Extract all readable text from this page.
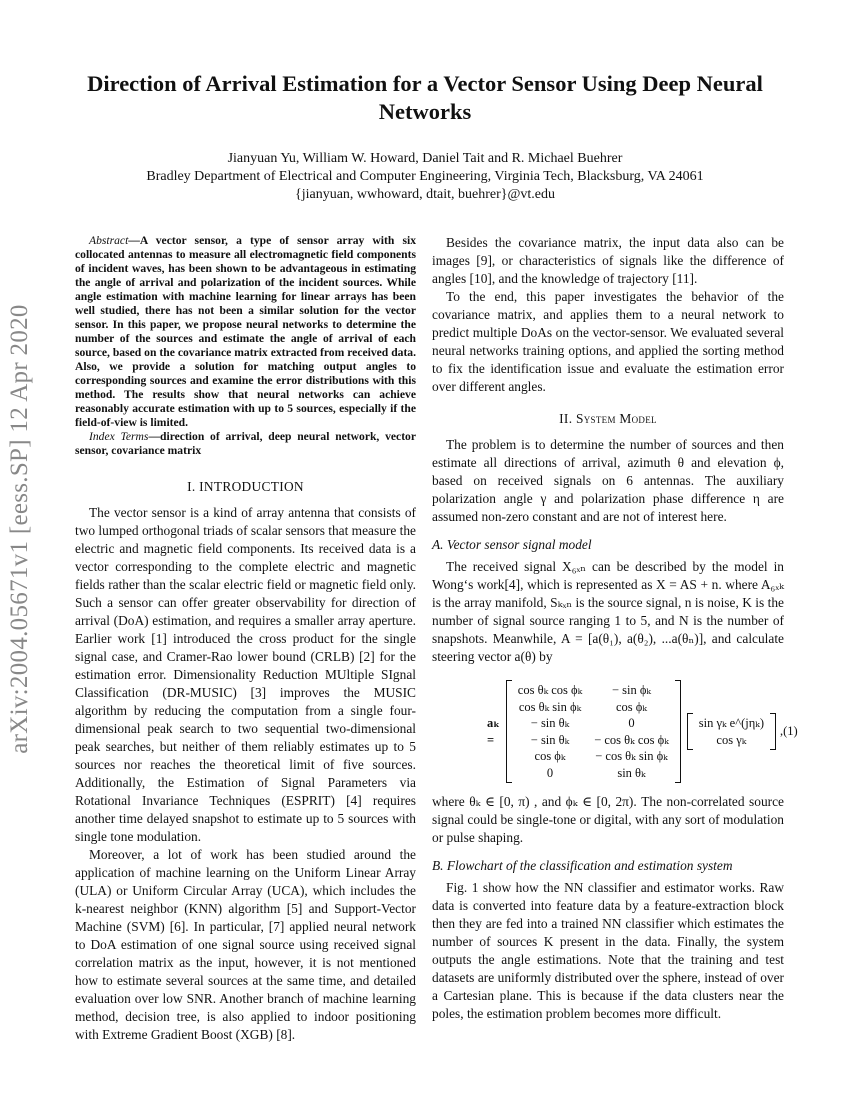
arXiv:2004.05671v1 [eess.SP] 12 Apr 2020
Direction of Arrival Estimation for a Vector Sensor Using Deep Neural Networks
Jianyuan Yu, William W. Howard, Daniel Tait and R. Michael Buehrer
Bradley Department of Electrical and Computer Engineering, Virginia Tech, Blacksburg, VA 24061
{jianyuan, wwhoward, dtait, buehrer}@vt.edu

Abstract—A vector sensor, a type of sensor array with six collocated antennas to measure all electromagnetic field components of incident waves, has been shown to be advantageous in estimating the angle of arrival and polarization of the incident sources. While angle estimation with machine learning for linear arrays has been well studied, there has not been a similar solution for the vector sensor. In this paper, we propose neural networks to determine the number of the sources and estimate the angle of arrival of each source, based on the covariance matrix extracted from received data. Also, we provide a solution for matching output angles to corresponding sources and examine the error distributions with this method. The results show that neural networks can achieve reasonably accurate estimation with up to 5 sources, especially if the field-of-view is limited.

Index Terms—direction of arrival, deep neural network, vector sensor, covariance matrix

I. INTRODUCTION

The vector sensor is a kind of array antenna that consists of two lumped orthogonal triads of scalar sensors that measure the electric and magnetic field components. Its received data is a vector corresponding to the complete electric and magnetic fields rather than the scalar electric field or magnetic field only. Such a sensor can offer greater observability for direction of arrival (DoA) estimation, and requires a smaller array aperture. Earlier work [1] introduced the cross product for the single signal case, and Cramer-Rao lower bound (CRLB) [2] for the estimation error. Dimensionality Reduction MUltiple SIgnal Classification (DR-MUSIC) [3] improves the MUSIC algorithm by reducing the computation from a single four-dimensional peak search to two sequential two-dimensional peak searches, but neither of them reliably estimates up to 5 sources nor reaches the theoretical limit of five sources. Additionally, the Estimation of Signal Parameters via Rotational Invariance Techniques (ESPRIT) [4] requires another time delayed snapshot to estimate up to 5 sources with single tone modulation.

Moreover, a lot of work has been studied around the application of machine learning on the Uniform Linear Array (ULA) or Uniform Circular Array (UCA), which includes the k-nearest neighbor (KNN) algorithm [5] and Support-Vector Machine (SVM) [6]. In particular, [7] applied neural network to DoA estimation of one signal source using received signal correlation matrix as the input, however, it is not mentioned how to estimate several sources at the same time, and detailed evaluation over low SNR. Another branch of machine learning method, decision tree, is also applied to indoor positioning with Extreme Gradient Boost (XGB) [8].

Besides the covariance matrix, the input data also can be images [9], or characteristics of signals like the difference of angles [10], and the knowledge of trajectory [11].

To the end, this paper investigates the behavior of the covariance matrix, and applies them to a neural network to predict multiple DoAs on the vector-sensor. We evaluated several neural networks training options, and applied the sorting method to fix the identification issue and evaluate the estimation error over different angles.

II. System Model

The problem is to determine the number of sources and then estimate all directions of arrival, azimuth θ and elevation ϕ, based on received signals on 6 antennas. The auxiliary polarization angle γ and polarization phase difference η are assumed non-zero constant and are not of interest here.

A. Vector sensor signal model

The received signal X₆ₓₙ can be described by the model in Wong‘s work[4], which is represented as X = AS + n. where A₆ₓₖ is the array manifold, Sₖₓₙ is the source signal, n is noise, K is the number of signal source ranging 1 to 5, and N is the number of snapshots. Meanwhile, A = [a(θ₁), a(θ₂), ...a(θₙ)], and calculate steering vector a(θ) by

aₖ =
cos θₖ cos ϕₖ	− sin ϕₖ
cos θₖ sin ϕₖ	cos ϕₖ
− sin θₖ	0
− sin θₖ	− cos θₖ cos ϕₖ
cos ϕₖ	− cos θₖ sin ϕₖ
0	sin θₖ
sin γₖ e^(jηₖ)
cos γₖ
, (1)

where θₖ ∈ [0, π) , and ϕₖ ∈ [0, 2π). The non-correlated source signal could be single-tone or digital, with any sort of modulation or pulse shaping.

B. Flowchart of the classification and estimation system

Fig. 1 show how the NN classifier and estimator works. Raw data is converted into feature data by a feature-extraction block then they are fed into a trained NN classifier which estimates the number of sources K present in the data. Finally, the system outputs the angle estimations. Note that the training and test datasets are uniformly distributed over the sphere, instead of over a Cartesian plane. This is because if the data clusters near the poles, the estimation problem becomes more difficult.
